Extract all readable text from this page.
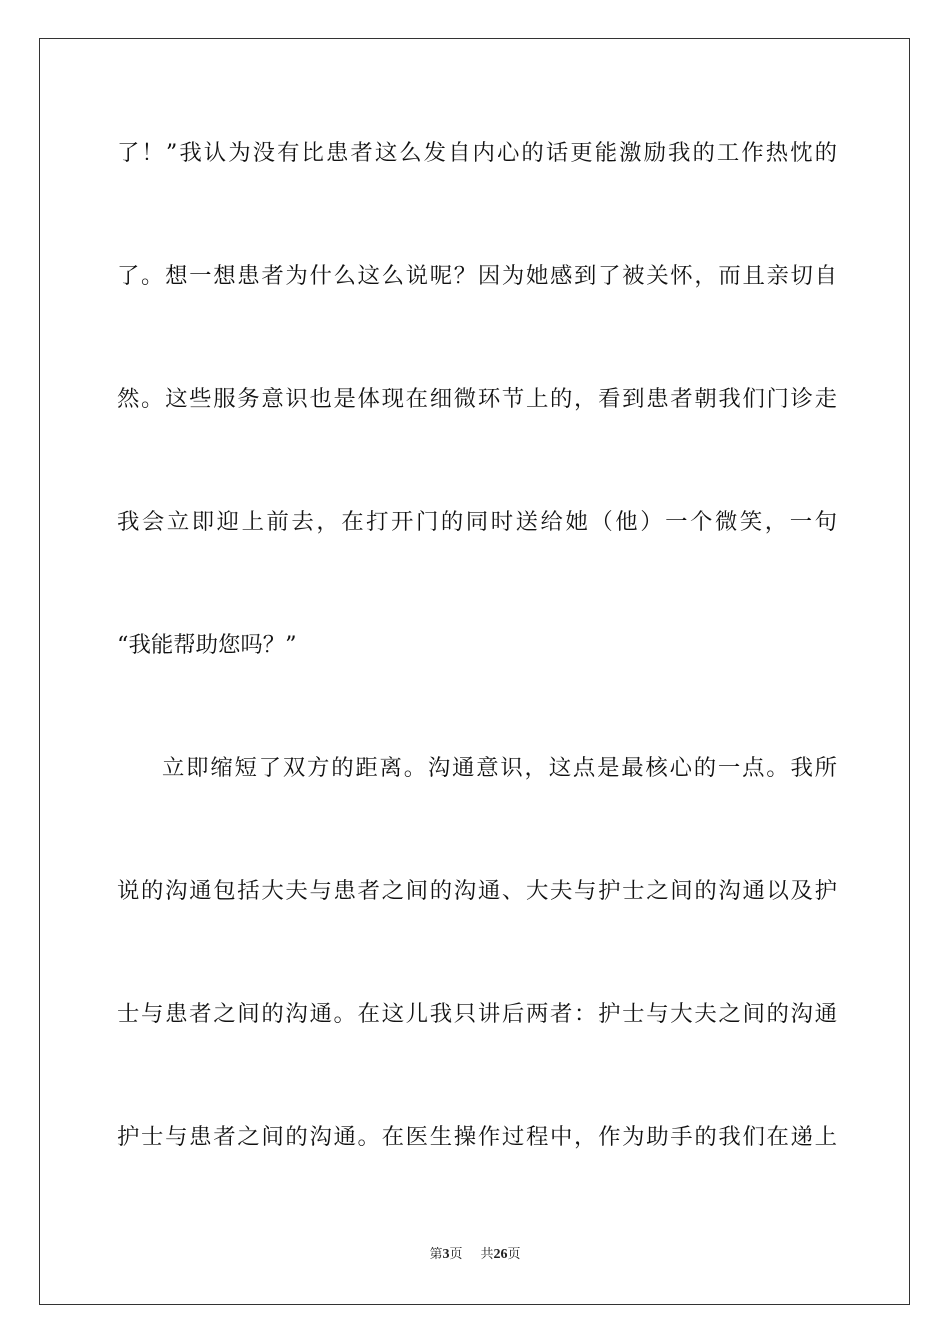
了！”我认为没有比患者这么发自内心的话更能激励我的工作热忱的
了。想一想患者为什么这么说呢？因为她感到了被关怀，而且亲切自
然。这些服务意识也是体现在细微环节上的，看到患者朝我们门诊走
我会立即迎上前去，在打开门的同时送给她（他）一个微笑，一句
“我能帮助您吗？”
立即缩短了双方的距离。沟通意识，这点是最核心的一点。我所
说的沟通包括大夫与患者之间的沟通、大夫与护士之间的沟通以及护
士与患者之间的沟通。在这儿我只讲后两者：护士与大夫之间的沟通
护士与患者之间的沟通。在医生操作过程中，作为助手的我们在递上
第3页 共26页
